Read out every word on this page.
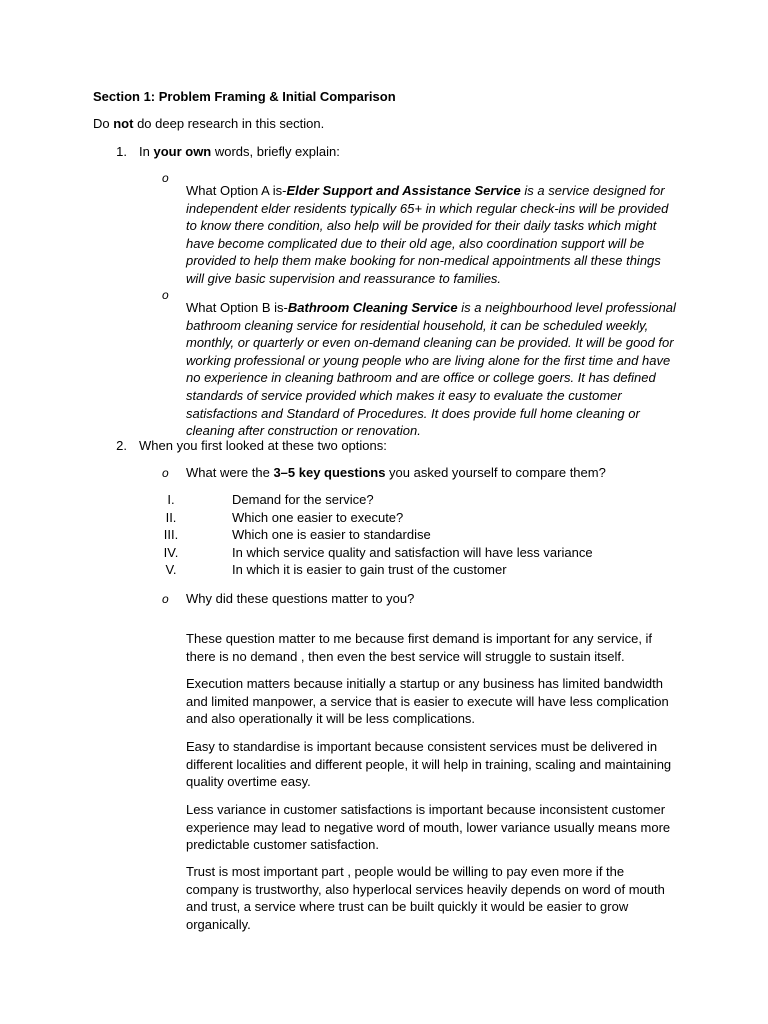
Section 1: Problem Framing & Initial Comparison

Do not do deep research in this section.

1. In your own words, briefly explain:

o

What Option A is-Elder Support and Assistance Service is a service designed for independent elder residents typically 65+ in which regular check-ins will be provided to know there condition, also help will be provided for their daily tasks which might have become complicated due to their old age, also coordination support will be provided to help them make booking for non-medical appointments all these things will give basic supervision and reassurance to families.

o

What Option B is-Bathroom Cleaning Service is a neighbourhood level professional bathroom cleaning service for residential household, it can be scheduled weekly, monthly, or quarterly or even on-demand cleaning can be provided. It will be good for working professional or young people who are living alone for the first time and have no experience in cleaning bathroom and are office or college goers. It has defined standards of service provided which makes it easy to evaluate the customer satisfactions and Standard of Procedures. It does provide full home cleaning or cleaning after construction or renovation.

2. When you first looked at these two options:

o What were the 3–5 key questions you asked yourself to compare them?

I.	Demand for the service?
II.	Which one easier to execute?
III.	Which one is easier to standardise
IV.	In which service quality and satisfaction will have less variance
V.	In which it is easier to gain trust of the customer
o Why did these questions matter to you?

These question matter to me because first demand is important for any service, if there is no demand , then even the best service will struggle to sustain itself.

Execution matters because initially a startup or any business has limited bandwidth and limited manpower, a service that is easier to execute will have less complication and also operationally it will be less complications.

Easy to standardise is important because consistent services must be delivered in different localities and different people, it will help in training, scaling and maintaining quality overtime easy.

Less variance in customer satisfactions is important because inconsistent customer experience may lead to negative word of mouth, lower variance usually means more predictable customer satisfaction.

Trust is most important part , people would be willing to pay even more if the company is trustworthy, also hyperlocal services heavily depends on word of mouth and trust, a service where trust can be built quickly it would be easier to grow organically.
